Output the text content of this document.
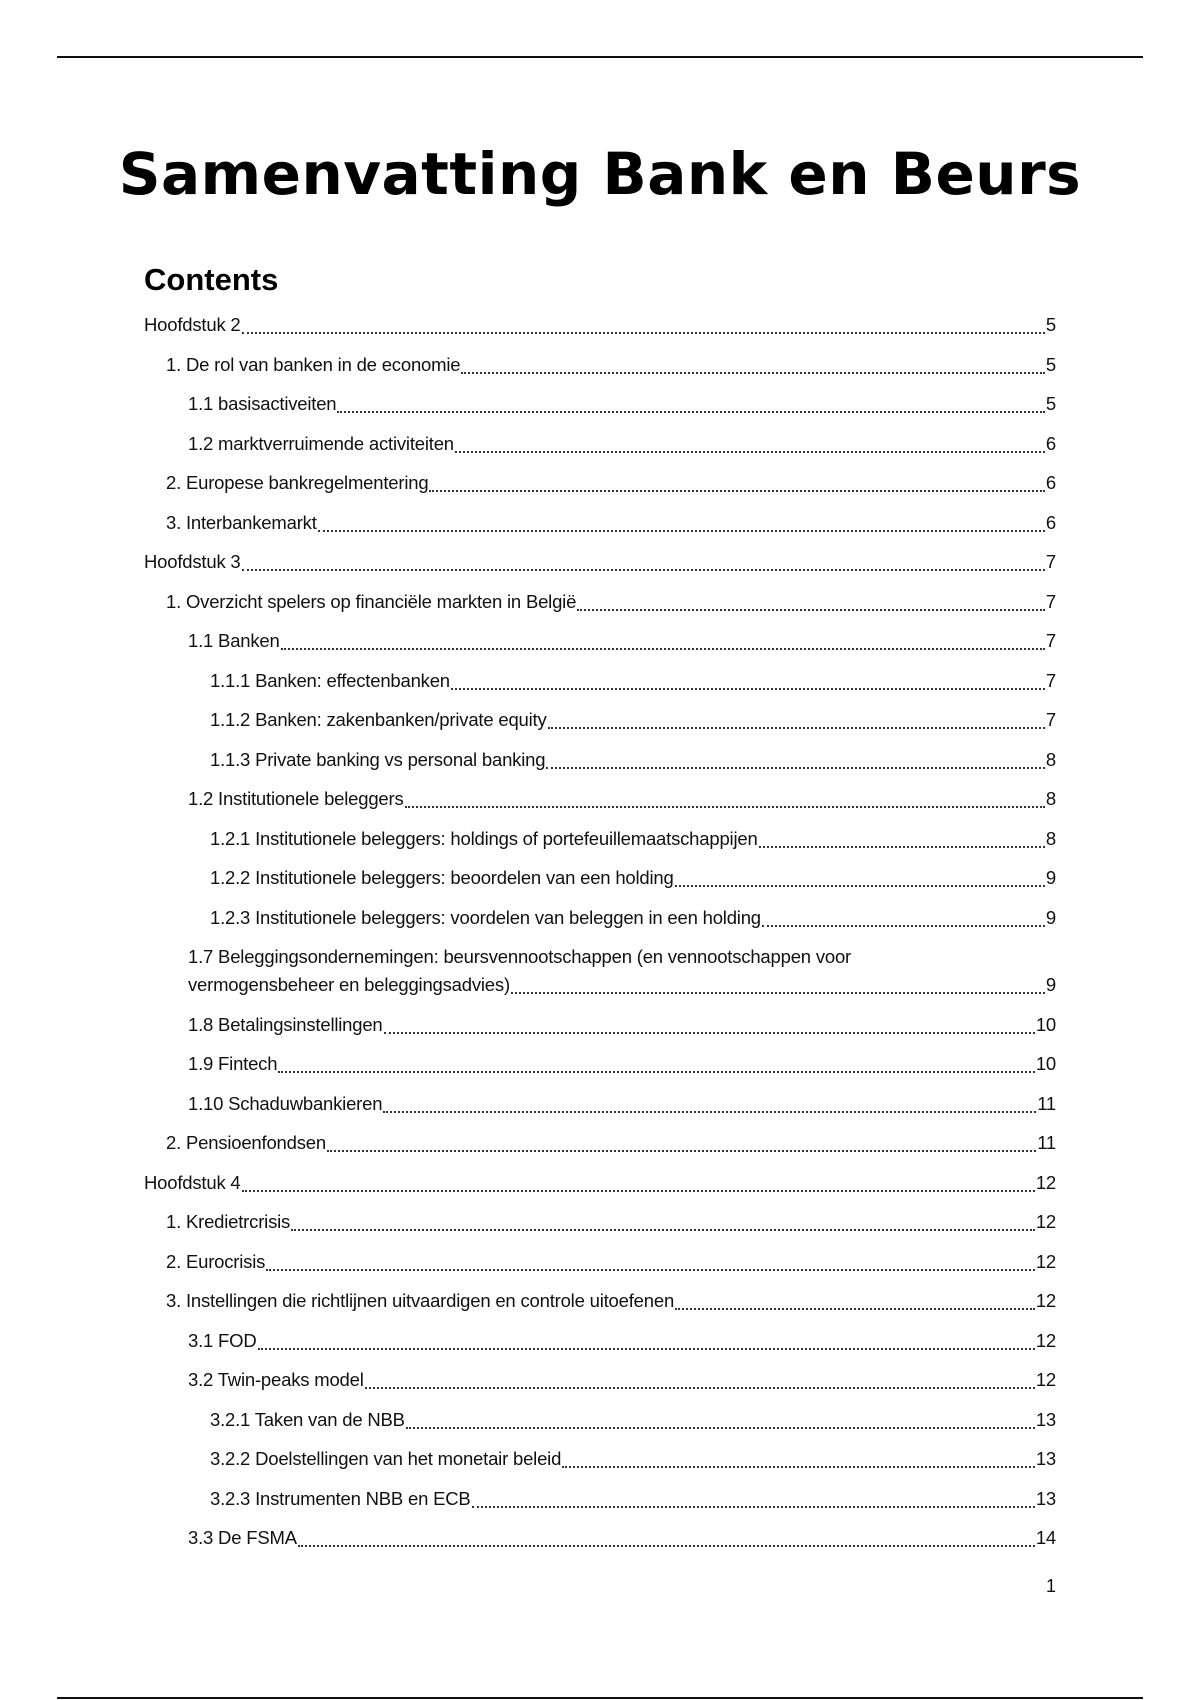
Samenvatting Bank en Beurs
Contents
Hoofdstuk 2	5
1. De rol van banken in de economie	5
1.1 basisactiveiten	5
1.2 marktverruimende activiteiten	6
2. Europese bankregelmentering	6
3. Interbankemarkt	6
Hoofdstuk 3	7
1. Overzicht spelers op financiële markten in België	7
1.1 Banken	7
1.1.1 Banken: effectenbanken	7
1.1.2 Banken: zakenbanken/private equity	7
1.1.3 Private banking vs personal banking	8
1.2 Institutionele beleggers	8
1.2.1 Institutionele beleggers: holdings of portefeuillemaatschappijen	8
1.2.2 Institutionele beleggers: beoordelen van een holding	9
1.2.3 Institutionele beleggers: voordelen van beleggen in een holding	9
1.7 Beleggingsondernemingen: beursvennootschappen (en vennootschappen voor
vermogensbeheer en beleggingsadvies)	9
1.8 Betalingsinstellingen	10
1.9 Fintech	10
1.10 Schaduwbankieren	11
2. Pensioenfondsen	11
Hoofdstuk 4	12
1. Kredietrcrisis	12
2. Eurocrisis	12
3. Instellingen die richtlijnen uitvaardigen en controle uitoefenen	12
3.1 FOD	12
3.2 Twin-peaks model	12
3.2.1 Taken van de NBB	13
3.2.2 Doelstellingen van het monetair beleid	13
3.2.3 Instrumenten NBB en ECB	13
3.3 De FSMA	14
1
